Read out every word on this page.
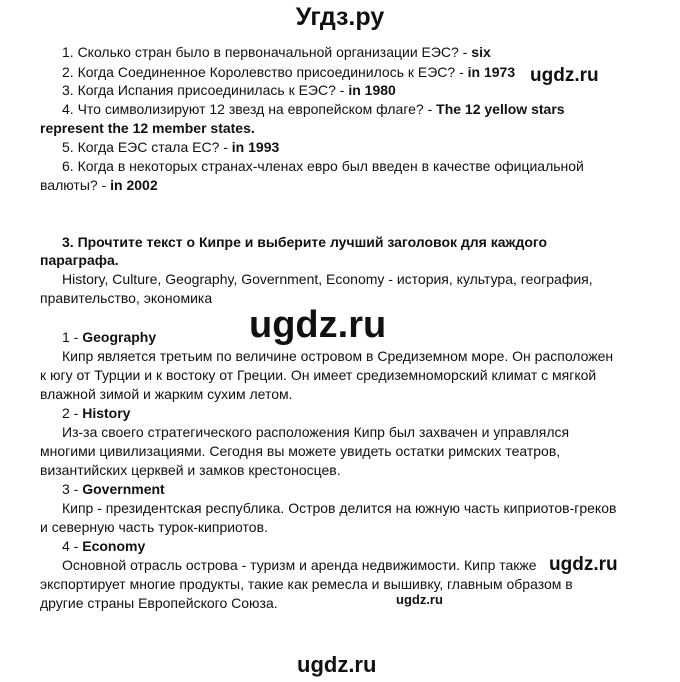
Угдз.ру
1. Сколько стран было в первоначальной организации ЕЭС? - six
2. Когда Соединенное Королевство присоединилось к ЕЭС? - in 1973
3. Когда Испания присоединилась к ЕЭС? - in 1980
4. Что символизируют 12 звезд на европейском флаге? - The 12 yellow stars
represent the 12 member states.
5. Когда ЕЭС стала ЕС? - in 1993
6. Когда в некоторых странах-членах евро был введен в качестве официальной
валюты? - in 2002
3. Прочтите текст о Кипре и выберите лучший заголовок для каждого
параграфа.
History, Culture, Geography, Government, Economy - история, культура, география,
правительство, экономика
1 - Geography
Кипр является третьим по величине островом в Средиземном море. Он расположен
к югу от Турции и к востоку от Греции. Он имеет средиземноморский климат с мягкой
влажной зимой и жарким сухим летом.
2 - History
Из-за своего стратегического расположения Кипр был захвачен и управлялся
многими цивилизациями. Сегодня вы можете увидеть остатки римских театров,
византийских церквей и замков крестоносцев.
3 - Government
Кипр - президентская республика. Остров делится на южную часть киприотов-греков
и северную часть турок-киприотов.
4 - Economy
Основной отрасль острова - туризм и аренда недвижимости. Кипр также
экспортирует многие продукты, такие как ремесла и вышивку, главным образом в
другие страны Европейского Союза.
ugdz.ru
ugdz.ru
ugdz.ru
ugdz.ru
ugdz.ru
